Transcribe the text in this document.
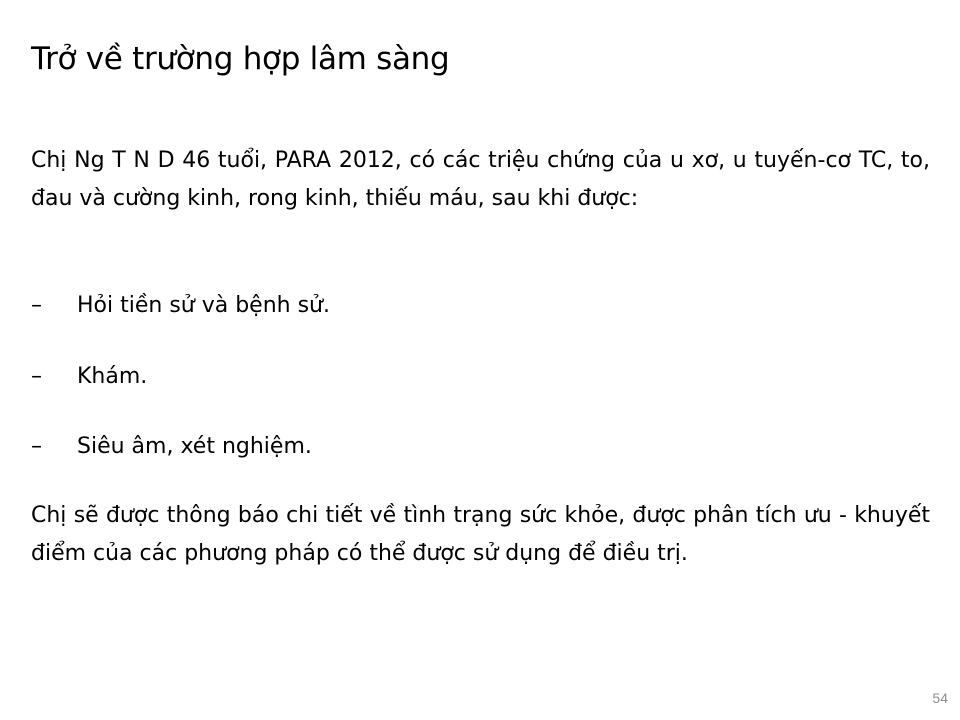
Trở về trường hợp lâm sàng

Chị Ng T N D 46 tuổi, PARA 2012, có các triệu chứng của u xơ, u tuyến-cơ TC, to, đau và cường kinh, rong kinh, thiếu máu, sau khi được:

– Hỏi tiền sử và bệnh sử.
– Khám.
– Siêu âm, xét nghiệm.

Chị sẽ được thông báo chi tiết về tình trạng sức khỏe, được phân tích ưu - khuyết điểm của các phương pháp có thể được sử dụng để điều trị.

54
